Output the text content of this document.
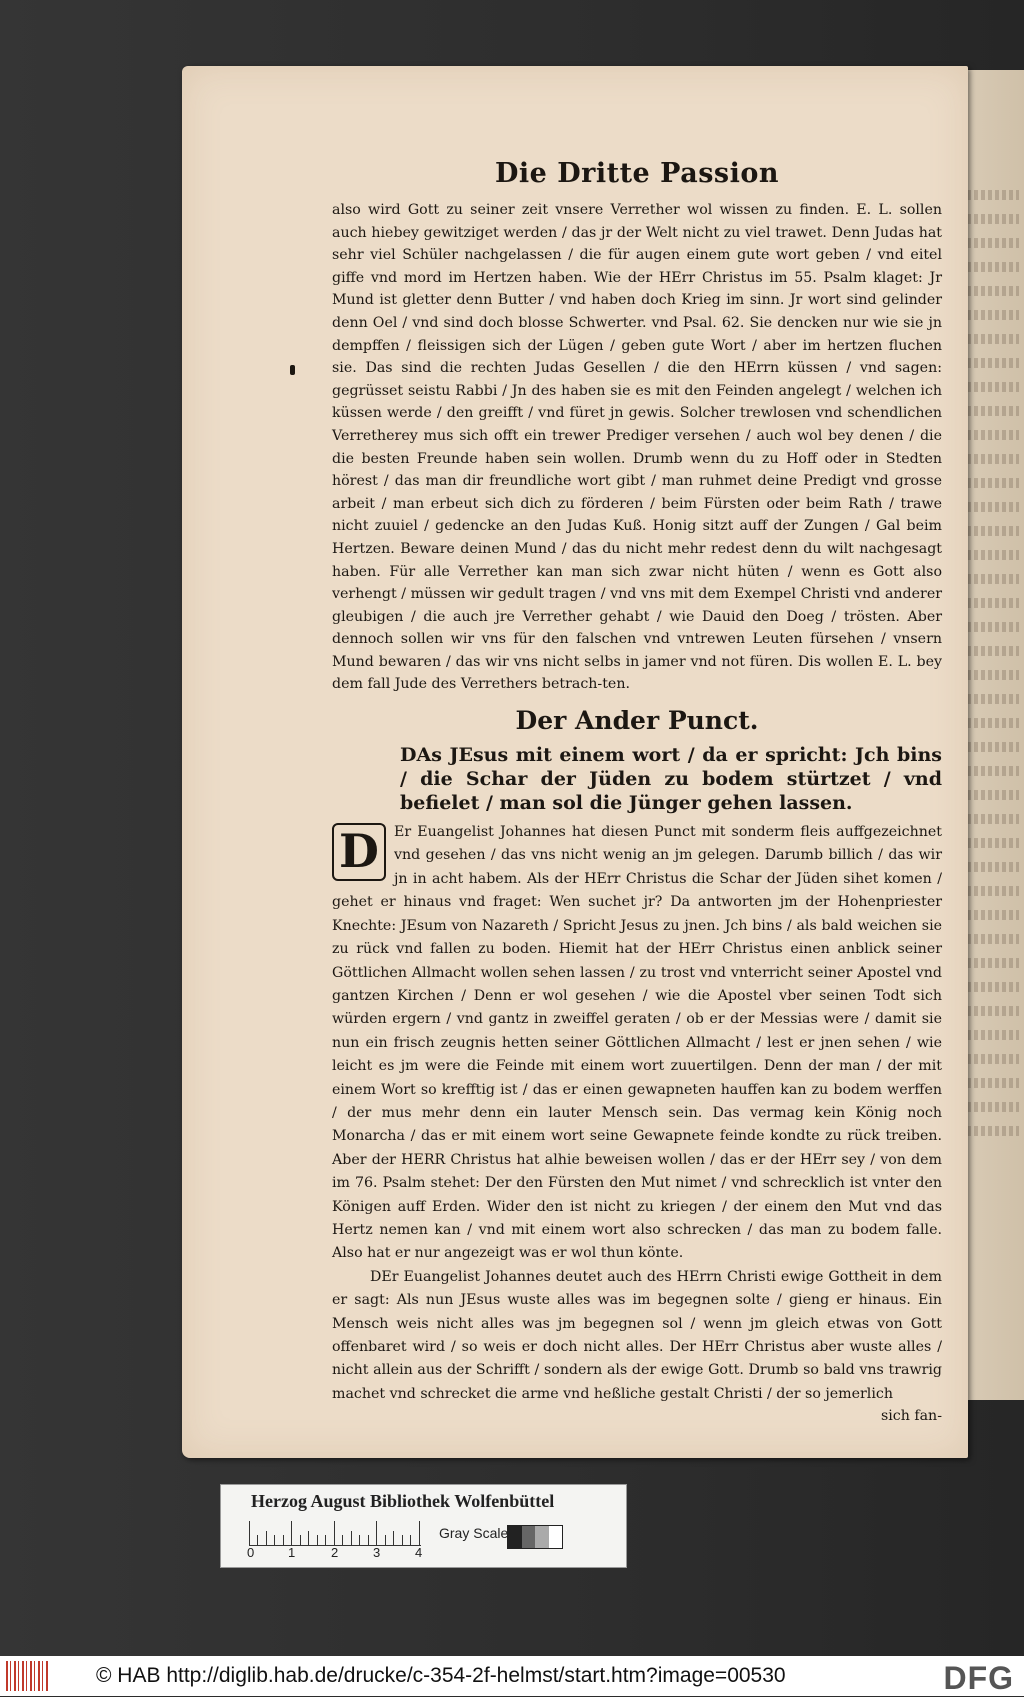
Die Dritte Passion

also wird Gott zu seiner zeit vnsere Verrether wol wissen zu finden. E. L. sollen auch hiebey gewitziget werden / das jr der Welt nicht zu viel trawet. Denn Judas hat sehr viel Schüler nachgelassen / die für augen einem gute wort geben / vnd eitel giffe vnd mord im Hertzen haben. Wie der HErr Christus im 55. Psalm klaget: Jr Mund ist gletter denn Butter / vnd haben doch Krieg im sinn. Jr wort sind gelinder denn Oel / vnd sind doch blosse Schwerter. vnd Psal. 62. Sie dencken nur wie sie jn dempffen / fleissigen sich der Lügen / geben gute Wort / aber im hertzen fluchen sie. Das sind die rechten Judas Gesellen / die den HErrn küssen / vnd sagen: gegrüsset seistu Rabbi / Jn des haben sie es mit den Feinden angelegt / welchen ich küssen werde / den greifft / vnd füret jn gewis. Solcher trewlosen vnd schendlichen Verretherey mus sich offt ein trewer Prediger versehen / auch wol bey denen / die die besten Freunde haben sein wollen. Drumb wenn du zu Hoff oder in Stedten hörest / das man dir freundliche wort gibt / man ruhmet deine Predigt vnd grosse arbeit / man erbeut sich dich zu förderen / beim Fürsten oder beim Rath / trawe nicht zuuiel / gedencke an den Judas Kuß. Honig sitzt auff der Zungen / Gal beim Hertzen. Beware deinen Mund / das du nicht mehr redest denn du wilt nachgesagt haben. Für alle Verrether kan man sich zwar nicht hüten / wenn es Gott also verhengt / müssen wir gedult tragen / vnd vns mit dem Exempel Christi vnd anderer gleubigen / die auch jre Verrether gehabt / wie Dauid den Doeg / trösten. Aber dennoch sollen wir vns für den falschen vnd vntrewen Leuten fürsehen / vnsern Mund bewaren / das wir vns nicht selbs in jamer vnd not füren. Dis wollen E. L. bey dem fall Jude des Verrethers betrach-ten.

Der Ander Punct.

DAs JEsus mit einem wort / da er spricht: Jch bins / die Schar der Jüden zu bodem stürtzet / vnd befielet / man sol die Jünger gehen lassen.

D	Er Euangelist Johannes hat diesen Punct mit sonderm fleis auffgezeichnet vnd gesehen / das vns nicht wenig an jm gelegen. Darumb billich / das wir jn in acht habem. Als der HErr Christus die Schar der Jüden sihet komen / gehet er hinaus vnd fraget: Wen suchet jr? Da antworten jm der Hohenpriester Knechte: JEsum von Nazareth / Spricht Jesus zu jnen. Jch bins / als bald weichen sie zu rück vnd fallen zu boden. Hiemit hat der HErr Christus einen anblick seiner Göttlichen Allmacht wollen sehen lassen / zu trost vnd vnterricht seiner Apostel vnd gantzen Kirchen / Denn er wol gesehen / wie die Apostel vber seinen Todt sich würden ergern / vnd gantz in zweiffel geraten / ob er der Messias were / damit sie nun ein frisch zeugnis hetten seiner Göttlichen Allmacht / lest er jnen sehen / wie leicht es jm were die Feinde mit einem wort zuuertilgen. Denn der man / der mit einem Wort so krefftig ist / das er einen gewapneten hauffen kan zu bodem werffen / der mus mehr denn ein lauter Mensch sein. Das vermag kein König noch Monarcha / das er mit einem wort seine Gewapnete feinde kondte zu rück treiben. Aber der HERR Christus hat alhie beweisen wollen / das er der HErr sey / von dem im 76. Psalm stehet: Der den Fürsten den Mut nimet / vnd schrecklich ist vnter den Königen auff Erden. Wider den ist nicht zu kriegen / der einem den Mut vnd das Hertz nemen kan / vnd mit einem wort also schrecken / das man zu bodem falle. Also hat er nur angezeigt was er wol thun könte.

DEr Euangelist Johannes deutet auch des HErrn Christi ewige Gottheit in dem er sagt: Als nun JEsus wuste alles was im begegnen solte / gieng er hinaus. Ein Mensch weis nicht alles was jm begegnen sol / wenn jm gleich etwas von Gott offenbaret wird / so weis er doch nicht alles. Der HErr Christus aber wuste alles / nicht allein aus der Schrifft / sondern als der ewige Gott. Drumb so bald vns trawrig machet vnd schrecket die arme vnd heßliche gestalt Christi / der so jemerlich

sich fan-

Herzog August Bibliothek Wolfenbüttel
0	1	2	3	4
Gray Scale
© HAB http://diglib.hab.de/drucke/c-354-2f-helmst/start.htm?image=00530	DFG
